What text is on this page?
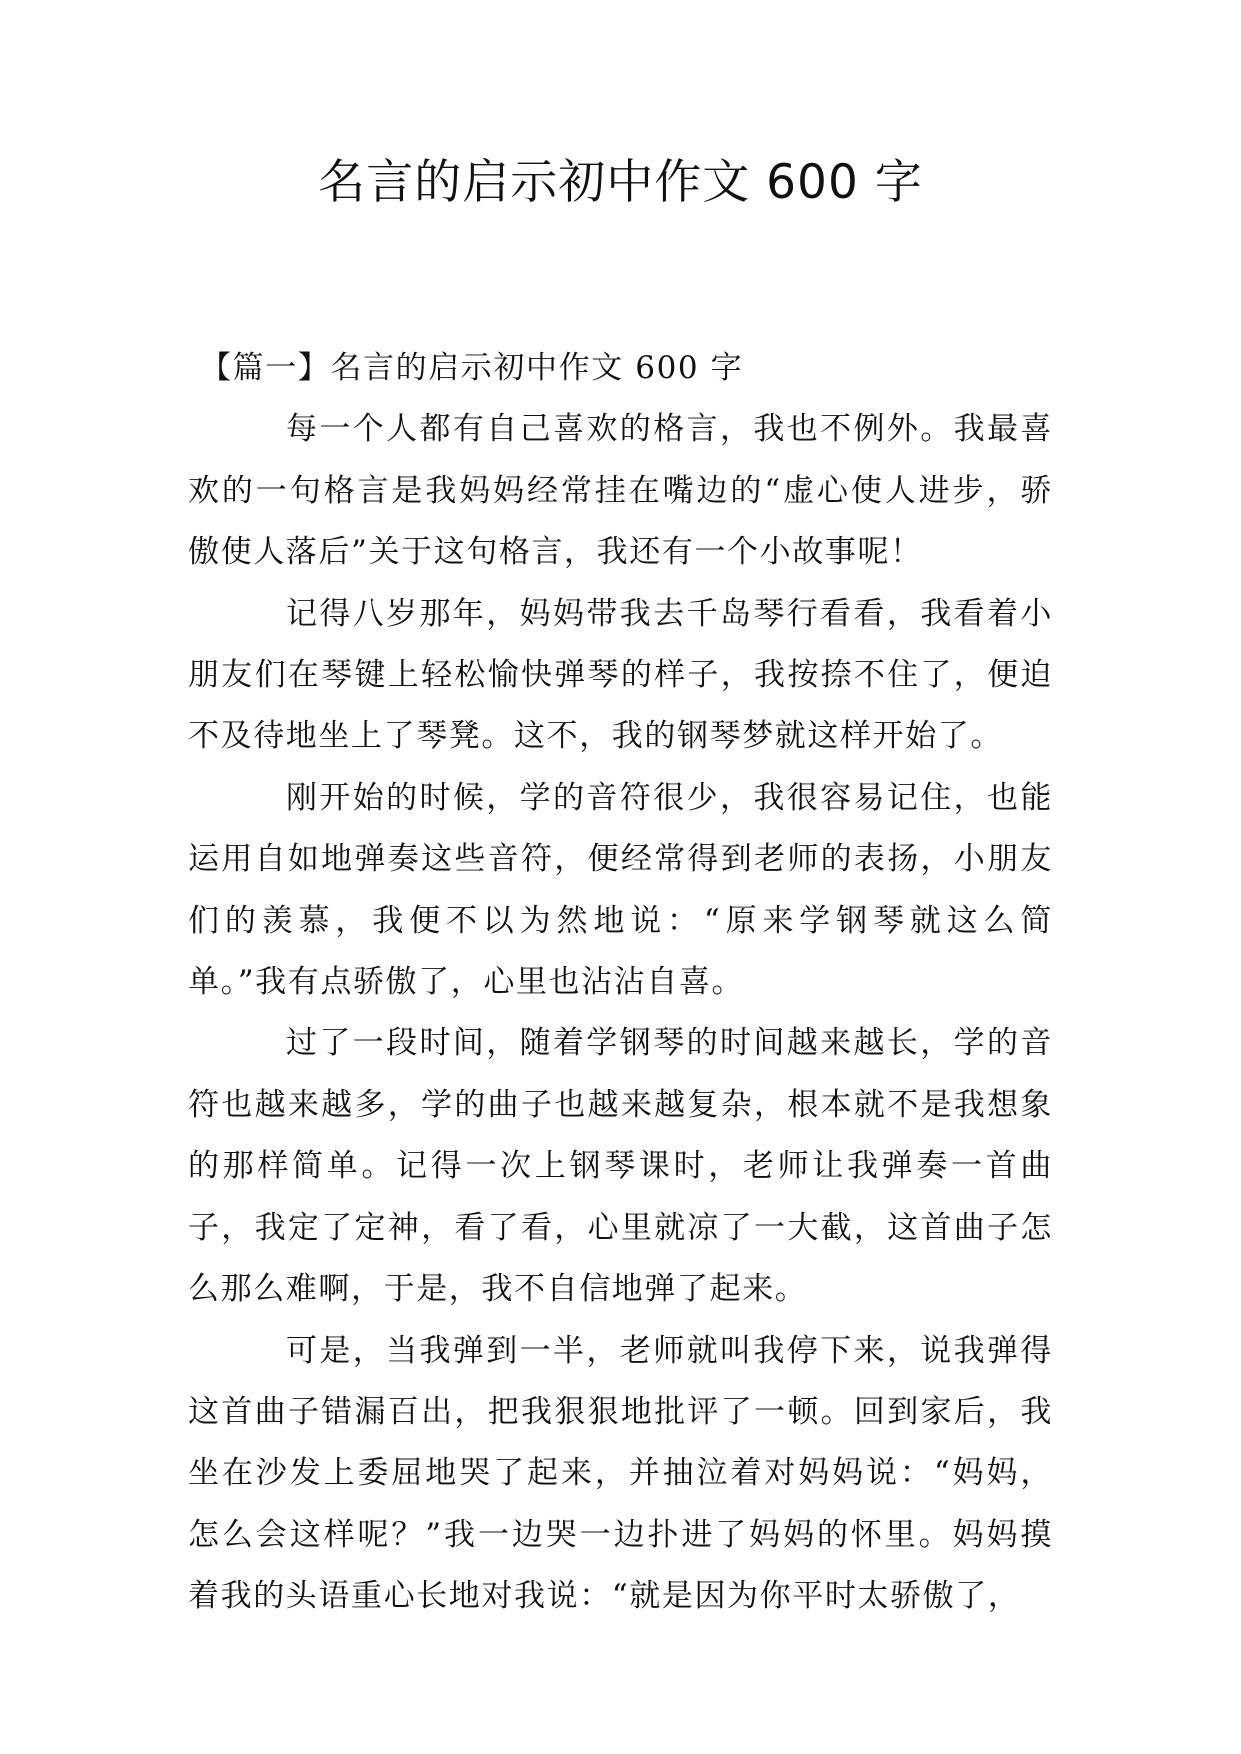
名言的启示初中作文 600 字
【篇一】名言的启示初中作文 600 字

每一个人都有自己喜欢的格言，我也不例外。我最喜欢的一句格言是我妈妈经常挂在嘴边的“虚心使人进步，骄傲使人落后”关于这句格言，我还有一个小故事呢！

记得八岁那年，妈妈带我去千岛琴行看看，我看着小朋友们在琴键上轻松愉快弹琴的样子，我按捺不住了，便迫不及待地坐上了琴凳。这不，我的钢琴梦就这样开始了。

刚开始的时候，学的音符很少，我很容易记住，也能运用自如地弹奏这些音符，便经常得到老师的表扬，小朋友们的羡慕，我便不以为然地说：“原来学钢琴就这么简单。”我有点骄傲了，心里也沾沾自喜。

过了一段时间，随着学钢琴的时间越来越长，学的音符也越来越多，学的曲子也越来越复杂，根本就不是我想象的那样简单。记得一次上钢琴课时，老师让我弹奏一首曲子，我定了定神，看了看，心里就凉了一大截，这首曲子怎么那么难啊，于是，我不自信地弹了起来。

可是，当我弹到一半，老师就叫我停下来，说我弹得这首曲子错漏百出，把我狠狠地批评了一顿。回到家后，我坐在沙发上委屈地哭了起来，并抽泣着对妈妈说：“妈妈，怎么会这样呢？”我一边哭一边扑进了妈妈的怀里。妈妈摸着我的头语重心长地对我说：“就是因为你平时太骄傲了，
